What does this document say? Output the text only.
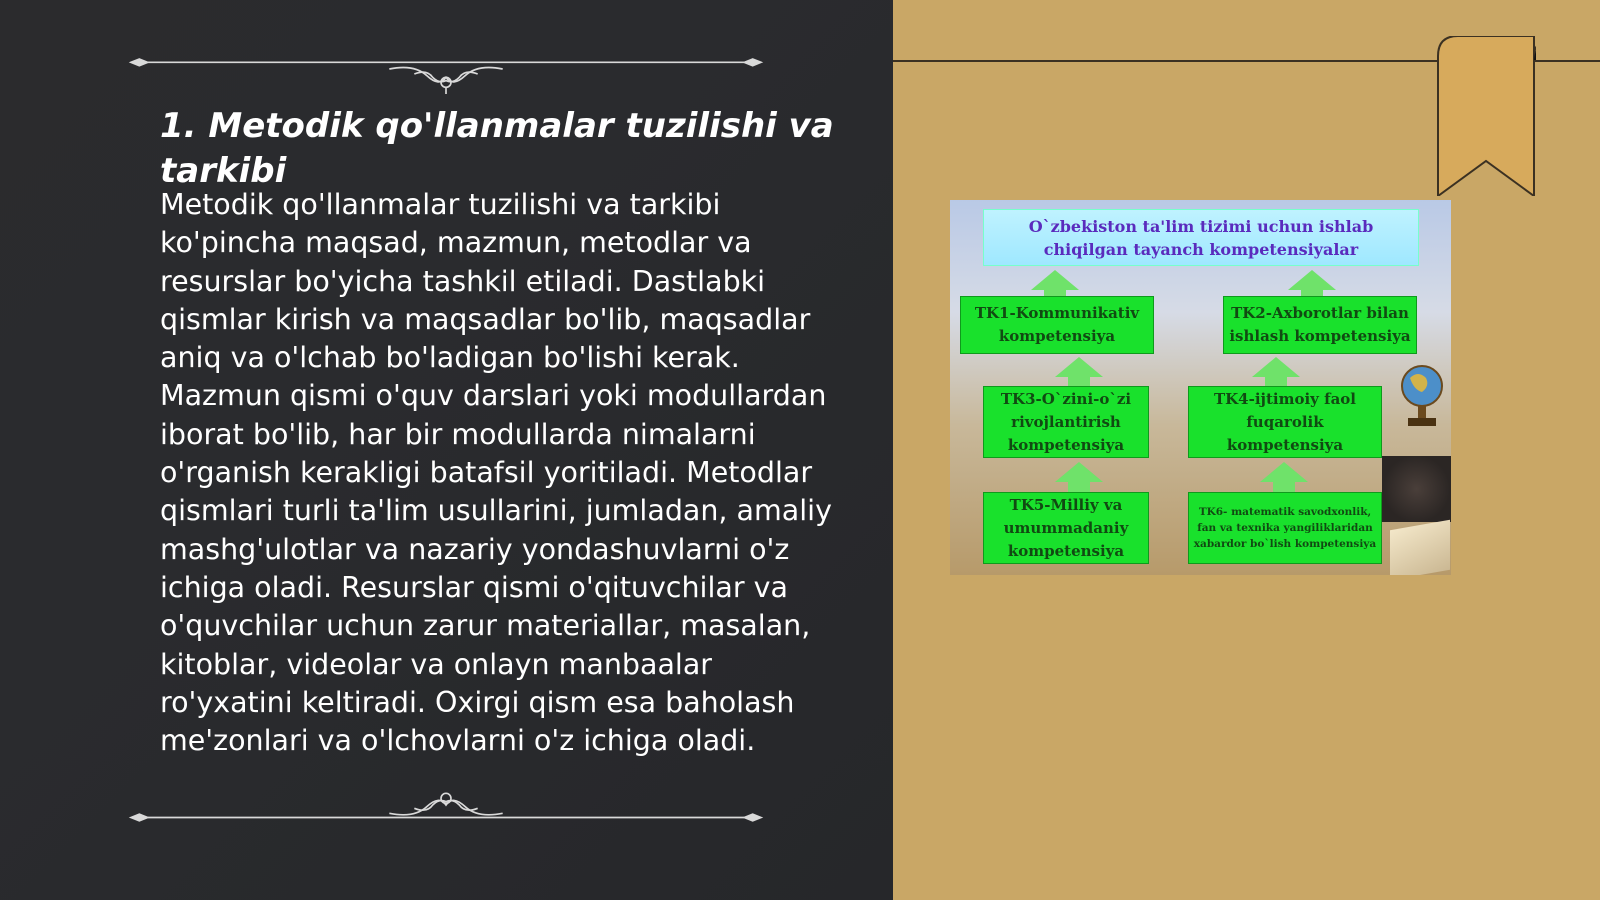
1. Metodik qo'llanmalar tuzilishi va tarkibi

Metodik qo'llanmalar tuzilishi va tarkibi ko'pincha maqsad, mazmun, metodlar va resurslar bo'yicha tashkil etiladi. Dastlabki qismlar kirish va maqsadlar bo'lib, maqsadlar aniq va o'lchab bo'ladigan bo'lishi kerak. Mazmun qismi o'quv darslari yoki modullardan iborat bo'lib, har bir modullarda nimalarni o'rganish kerakligi batafsil yoritiladi. Metodlar qismlari turli ta'lim usullarini, jumladan, amaliy mashg'ulotlar va nazariy yondashuvlarni o'z ichiga oladi. Resurslar qismi o'qituvchilar va o'quvchilar uchun zarur materiallar, masalan, kitoblar, videolar va onlayn manbaalar ro'yxatini keltiradi. Oxirgi qism esa baholash me'zonlari va o'lchovlarni o'z ichiga oladi.

O`zbekiston ta'lim tizimi uchun ishlab chiqilgan tayanch kompetensiyalar
TK1-Kommunikativ kompetensiya
TK2-Axborotlar bilan ishlash kompetensiya
TK3-O`zini-o`zi rivojlantirish kompetensiya
TK4-ijtimoiy faol fuqarolik kompetensiya
TK5-Milliy va umummadaniy kompetensiya
TK6- matematik savodxonlik, fan va texnika yangiliklaridan xabardor bo`lish kompetensiya
